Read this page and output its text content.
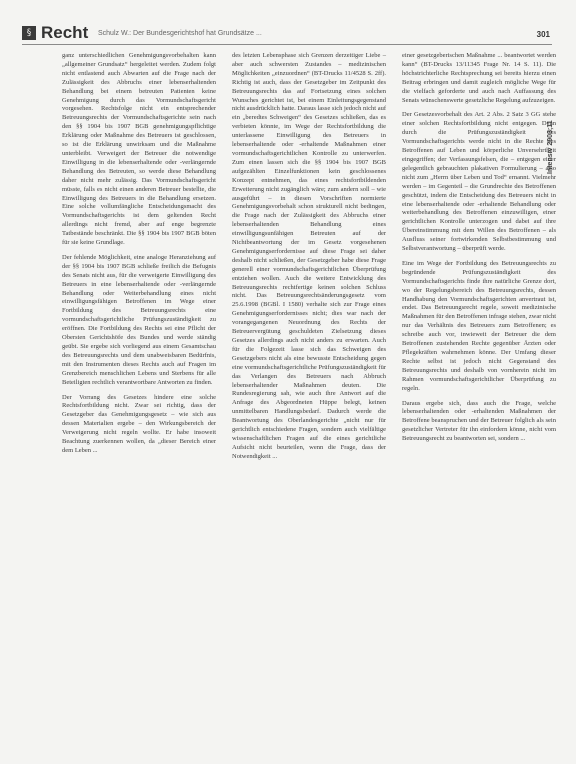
§ Recht Schulz W.: Der Bundesgerichtshof hat Grundsätze ...	301
Intensiv 2003;11

ganz unterschiedlichen Genehmigungsvorbehalten kann „allgemeiner Grundsatz“ hergeleitet werden. Zudem folgt nicht entlastend auch Abwarten auf die Frage nach der Zulässigkeit des Abbruchs einer lebenserhaltenden Behandlung bei einem betreuten Patienten keine Genehmigung durch das Vormundschaftsgericht vorgesehen. Rechtsfolge nicht ein entsprechender Betreuungsrechts der Vormundschaftsgerichte sein nach den §§ 1904 bis 1907 BGB genehmigungspflichtige Erklärung oder Maßnahme des Betreuers ist geschlossen, so ist die Erklärung unwirksam und die Maßnahme unterbleibt. Verweigert der Betreuer die notwendige Einwilligung in die lebenserhaltende oder -verlängernde Behandlung des Betreuten, so werde diese Behandlung daher nicht mehr zulässig. Das Vormundschaftsgericht müsste, falls es nicht einen anderen Betreuer bestellte, die Einwilligung des Betreuers in die Behandlung ersetzen. Eine solche vollumfängliche Entscheidungsmacht des Vormundschaftsgerichts ist dem geltenden Recht allerdings nicht fremd, aber auf enge begrenzte Tatbestände beschränkt. Die §§ 1904 bis 1907 BGB böten für sie keine Grundlage.

Der fehlende Möglichkeit, eine analoge Heranziehung auf der §§ 1904 bis 1907 BGB schließe freilich die Befugnis des Senats nicht aus, für die verweigerte Einwilligung des Betreuers in eine lebenserhaltende oder -verlängernde Behandlung oder Weiterbehandlung eines nicht einwilligungsfähigen Betroffenen im Wege einer Fortbildung des Betreuungsrechts eine vormundschaftsgerichtliche Prüfungszuständigkeit zu eröffnen. Die Fortbildung des Rechts sei eine Pflicht der Obersten Gerichtshöfe des Bundes und werde ständig geübt. Sie ergebe sich vorliegend aus einem Gesamtschau des Betreuungsrechts und dem unabweisbaren Bedürfnis, mit den Instrumenten dieses Rechts auch auf Fragen im Grenzbereich menschlichen Lebens und Sterbens für alle Beteiligten rechtlich verantwortbare Antworten zu finden.

Der Vorrang des Gesetzes hindere eine solche Rechtsfortbildung nicht. Zwar sei richtig, dass der Gesetzgeber das Genehmigungsgesetz – wie sich aus dessen Materialien ergebe – den Wirkungsbereich der Verweigerung nicht regeln wollte. Er habe insoweit Beachtung zuerkennen wollen, da „dieser Bereich einer dem Leben ...

des letzten Lebensphase sich Grenzen derzeitiger Liebe – aber auch schwersten Zustandes – medizinischen Möglichkeiten „einzuordnen“ (BT-Drucks 11/4528 S. 2ff). Richtig ist auch, dass der Gesetzgeber im Zeitpunkt des Betreuungsrechts das auf Fortsetzung eines solchen Wunsches gerichtet ist, bei einem Einleitungsgegenstand nicht ausdrücklich hatte. Daraus lasse sich jedoch nicht auf ein „beredtes Schweigen“ des Gesetzes schließen, das es verbieten könnte, im Wege der Rechtsfortbildung die unterlassene Einwilligung des Betreuers in lebenserhaltende oder -erhaltende Maßnahmen einer vormundschaftsgerichtlichen Kontrolle zu unterwerfen. Zum einen lassen sich die §§ 1904 bis 1907 BGB aufgezählten Einzelfunktionen kein geschlossenes Konzept entnehmen, das eines rechtsfortbildenden Erweiterung nicht zugänglich wäre; zum andern soll – wie ausgeführt – in diesen Vorschriften normierte Genehmigungsvorbehalt schon strukturell nicht bedingen, die Frage nach der Zulässigkeit des Abbruchs einer lebenserhaltenden Behandlung eines einwilligungsunfähigen Betreuten auf der Nichtbeantwortung der im Gesetz vorgesehenen Genehmigungserfordernisse auf diese Frage sei daher deshalb nicht schließen, der Gesetzgeber habe diese Frage generell einer vormundschaftsgerichtlichen Überprüfung entziehen wollen. Auch die weitere Entwicklung des Betreuungsrechts rechtfertige keinen solchen Schluss nicht. Das Betreuungsrechtsänderungsgesetz vom 25.6.1998 (BGBl. I 1580) verhalte sich zur Frage eines Genehmigungserfordernisses nicht; dies war nach der vorangegangenen Neuordnung des Rechts der Betreuervergütung geschuldeten Zielsetzung dieses Gesetzes allerdings auch nicht anders zu erwarten. Auch für die Folgezeit lasse sich das Schweigen des Gesetzgebers nicht als eine bewusste Entscheidung gegen eine vormundschaftsgerichtliche Prüfungszuständigkeit für das Verlangen des Betreuers nach Abbruch lebenserhaltender Maßnahmen deuten. Die Rundesregierung sah, wie auch ihre Antwort auf die Anfrage des Abgeordneten Hüppe belegt, keinen unmittelbaren Handlungsbedarf. Dadurch werde die Beantwortung des Oberlandesgerichte „nicht nur für gerichtlich entschiedene Fragen, sondern auch vielfältige wissenschaftlichen Fragen auf die eines gerichtliche Aufsicht nicht beurteilen, wenn die Frage, dass der Notwendigkeit ...

einer gesetzgeberischen Maßnahme ... beantwortet werden kann“ (BT-Drucks 13/11345 Frage Nr. 14 S. 11). Die höchstrichterliche Rechtsprechung sei bereits hierzu einen Beitrag erbringen und damit zugleich mögliche Wege für die vielfach geforderte und auch nach Auffassung des Senats wünschenswerte gesetzliche Regelung aufzuzeigen.

Der Gesetzesvorbehalt des Art. 2 Abs. 2 Satz 3 GG stehe einer solchen Rechtsfortbildung nicht entgegen. Denn durch die Prüfungszuständigkeit des Vormundschaftsgerichts werde nicht in die Rechte des Betroffenen auf Leben und körperliche Unversehrtheit eingegriffen; der Verfassungsfelsen, die – entgegen einer gelegentlich gebrauchten plakativen Formulierung – also nicht zum „Herrn über Leben und Tod“ ernannt. Vielmehr werden – im Gegenteil – die Grundrechte des Betroffenen geschützt, indem die Entscheidung des Betreuers nicht in eine lebenserhaltende oder -erhaltende Behandlung oder weiterbehandlung des Betroffenen einzuwilligen, einer gerichtlichen Kontrolle unterzogen und dabei auf ihre Übereinstimmung mit dem Willen des Betroffenen – als Ausfluss seiner fortwirkenden Selbstbestimmung und Selbstverantwortung – überprüft werde.

Eine im Wege der Fortbildung des Betreuungsrechts zu begründende Prüfungszuständigkeit des Vormundschaftsgerichts finde ihre natürliche Grenze dort, wo der Regelungsbereich des Betreuungsrechts, dessen Handhabung den Vormundschaftsgerichten anvertraut ist, endet. Das Betreuungsrecht regele, soweit medizinische Maßnahmen für den Betroffenen infrage stehen, zwar nicht nur das Verhältnis des Betreuers zum Betroffenen; es schreibe auch vor, inwieweit der Betreuer die dem Betroffenen zustehenden Rechte gegenüber Ärzten oder Pflegekräften wahrnehmen könne. Der Umfang dieser Rechte selbst ist jedoch nicht Gegenstand des Betreuungsrechts und deshalb von vornherein nicht im Rahmen vormundschaftsgerichtlicher Überprüfung zu regeln.

Daraus ergebe sich, dass auch die Frage, welche lebenserhaltenden oder -erhaltenden Maßnahmen der Betroffene beanspruchen und der Betreuer folglich als sein gesetzlicher Vertreter für ihn einfordern könne, nicht vom Betreuungsrecht zu beantworten sei, sondern ...
